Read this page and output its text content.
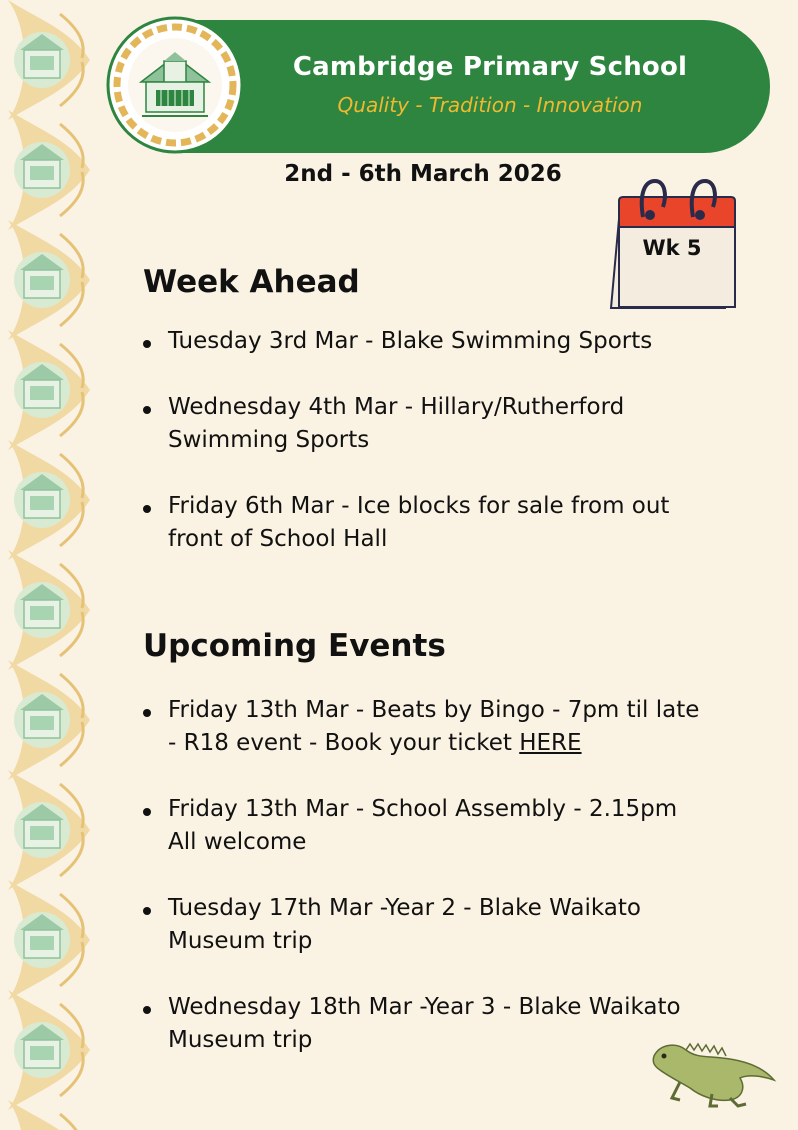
Cambridge Primary School
Quality - Tradition - Innovation
2nd - 6th March 2026
Wk 5
Week Ahead
Tuesday 3rd Mar - Blake Swimming Sports
Wednesday 4th Mar - Hillary/Rutherford
Swimming Sports
Friday 6th Mar - Ice blocks for sale from out
front of School Hall
Upcoming Events
Friday 13th Mar - Beats by Bingo - 7pm til late
- R18 event - Book your ticket HERE
Friday 13th Mar - School Assembly - 2.15pm
All welcome
Tuesday 17th Mar -Year 2 - Blake Waikato
Museum trip
Wednesday 18th Mar -Year 3 - Blake Waikato
Museum trip
